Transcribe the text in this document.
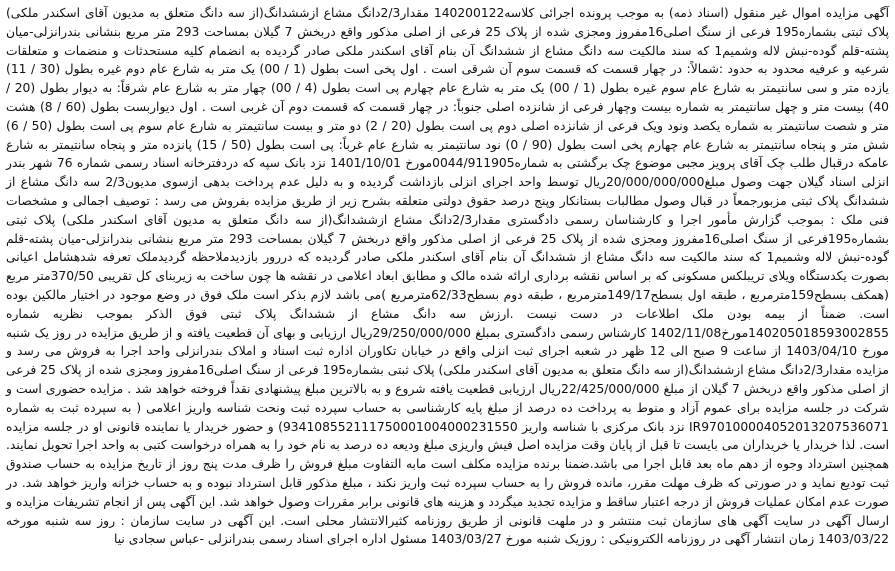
آگهی مزایده اموال غیر منقول (اسناد ذمه) به موجب پرونده اجرائی کلاسه140200122 مقدار2/3دانگ مشاع ازششدانگ(از سه دانگ متعلق به مدیون آقای اسکندر ملکی) پلاک ثبتی بشماره195 فرعی از سنگ اصلی16مفروز ومجزی شده از پلاک 25 فرعی از اصلی مذکور واقع دربخش 7 گیلان بمساحت 293 متر مربع بنشانی بندرانزلی-میان پشته-قلم گوده-نبش لاله وشمیم1 که سند مالکیت سه دانگ مشاع از ششدانگ آن بنام آقای اسکندر ملکی صادر گردیده به انضمام کلیه مستحدثات و منضمات و متعلقات شرعیه و عرفیه محدود به حدود :شمالاً: در چهار قسمت که قسمت سوم آن شرقی است . اول پخی است بطول (1 / 00) یک متر به شارع عام دوم غیره بطول (30 / 11) یازده متر و سی سانتیمتر به شارع عام سوم غیره بطول (1 / 00) یک متر به شارع عام چهارم پی است بطول (4 / 00) چهار متر به شارع عام شرقاً: به دیوار بطول (20 / 40) بیست متر و چهل سانتیمتر به شماره بیست وچهار فرعی از شانزده اصلی جنوباً: در چهار قسمت که قسمت دوم آن غربی است . اول دیواربست بطول (60 / 8) هشت متر و شصت سانتیمتر به شماره یکصد ونود ویک فرعی از شانزده اصلی دوم پی است بطول (20 / 2) دو متر و بیست سانتیمتر به شارع عام سوم پی است بطول (50 / 6) شش متر و پنجاه سانتیمتر به شارع عام چهارم پخی است بطول (90 / 0) نود سانتیمتر به شارع عام غرباً: پی است بطول (50 / 15) پانزده متر و پنجاه سانتیمتر به شارع عامکه درقبال طلب چک آقای پرویز مجبی موضوع چک برگشتی به شماره0044/911905مورخ 1401/10/01 نزد بانک سپه که دردفترخانه اسناد رسمی شماره 76 شهر بندر انزلی اسناد گیلان جهت وصول مبلغ20/000/000/000ریال توسط واحد اجرای انزلی بازداشت گردیده و به دلیل عدم پرداخت بدهی ازسوی مدیون2/3 سه دانگ مشاع از ششدانگ پلاک ثبتی مزبورجمعاً در قبال وصول مطالبات بستانکار وپنج درصد حقوق دولتی متعلقه بشرح زیر از طریق مزایده بفروش می رسد : توصیف اجمالی و مشخصات فنی ملک : بموجب گزارش مأمور اجرا و کارشناسان رسمی دادگستری مقدار2/3دانگ مشاع ازششدانگ(از سه دانگ متعلق به مدیون آقای اسکندر ملکی) پلاک ثبتی بشماره195فرعی از سنگ اصلی16مفروز ومجزی شده از پلاک 25 فرعی از اصلی مذکور واقع دربخش 7 گیلان بمساحت 293 متر مربع بنشانی بندرانزلی-میان پشته-قلم گوده-نبش لاله وشمیم1 که سند مالکیت سه دانگ مشاع از ششدانگ آن بنام آقای اسکندر ملکی صادر گردیده که دررور بازدیدملاحظه گردیدملک تعرفه شدهشامل اعیانی بصورت یکدستگاه ویلای تریبلکس مسکونی که بر اساس نقشه برداری ارائه شده مالک و مطابق ابعاد اعلامی در نقشه ها چون ساخت به زیربنای کل تقریبی 370/50متر مربع (همکف بسطح159مترمربع ، طبقه اول بسطح149/17مترمربع ، طبقه دوم بسطح62/33مترمربع )می باشد لازم بذکر است ملک فوق در وضع موجود در اختیار مالکین بوده است. ضمناً از بیمه بودن ملک اطلاعات در دست نیست .ارزش سه دانگ مشاع از ششدانگ پلاک ثبتی فوق الذکر بموجب نظریه شماره 140205018593002855مورخ1402/11/08 کارشناس رسمی دادگستری بمبلغ 29/250/000/000ریال ارزیابی و بهای آن قطعیت یافته و از طریق مزایده در روز یک شنبه مورخ 1403/04/10 از ساعت 9 صبح الی 12 ظهر در شعبه اجرای ثبت انزلی واقع در خیابان تکاوران اداره ثبت اسناد و املاک بندرانزلی واحد اجرا به فروش می رسد و مزایده مقدار2/3دانگ مشاع ازششدانگ(از سه دانگ متعلق به مدیون آقای اسکندر ملکی) پلاک ثبتی بشماره195 فرعی از سنگ اصلی16مفروز ومجزی شده از پلاک 25 فرعی از اصلی مذکور واقع دربخش 7 گیلان از مبلغ 22/425/000/000ریال ارزیابی قطعیت یافته شروع و به بالاترین مبلغ پیشنهادی نقداً فروخته خواهد شد . مزایده حضوری است و شرکت در جلسه مزایده برای عموم آزاد و منوط به پرداخت ده درصد از مبلغ پایه کارشناسی به حساب سپرده ثبت ونحت شناسه واریز اعلامی ( به سپرده ثبت به شماره IR970100004052013207536071 نزد بانک مرکزی با شناسه واریز 934108552111750001004000231550) و حضور خریدار یا نماینده قانونی او در جلسه مزایده است. لذا خریدار یا خریداران می بایست تا قبل از پایان وقت مزایده اصل فیش واریزی مبلغ ودیعه ده درصد به نام خود را به همراه درخواست کتبی به واحد اجرا تحویل نمایند. همچنین استرداد وجوه از دهم ماه بعد قابل اجرا می باشد.ضمنا برنده مزایده مکلف است مابه التفاوت مبلغ فروش را ظرف مدت پنج روز از تاریخ مزایده به حساب صندوق ثبت تودیع نماید و در صورتی که ظرف مهلت مقرر، مانده فروش را به حساب سپرده ثبت واریز نکند ، مبلغ مذکور قابل استرداد نبوده و به حساب خزانه واریز خواهد شد. در صورت عدم امکان عملیات فروش از درجه اعتبار ساقط و مزایده تجدید میگردد و هزینه های قانونی برابر مقررات وصول خواهد شد. این آگهی پس از انجام تشریفات مزایده و ارسال آگهی در سایت آگهی های سازمان ثبت منتشر و در ملهت قانونی از طریق روزنامه کثیرالانتشار محلی است. این آگهی در سایت سازمان : روز سه شنبه مورخه 1403/03/22 زمان انتشار آگهی در روزنامه الکترونیکی : روزیک شنبه مورخ 1403/03/27 مسئول اداره اجرای اسناد رسمی بندرانزلی -عباس سجادی نیا
